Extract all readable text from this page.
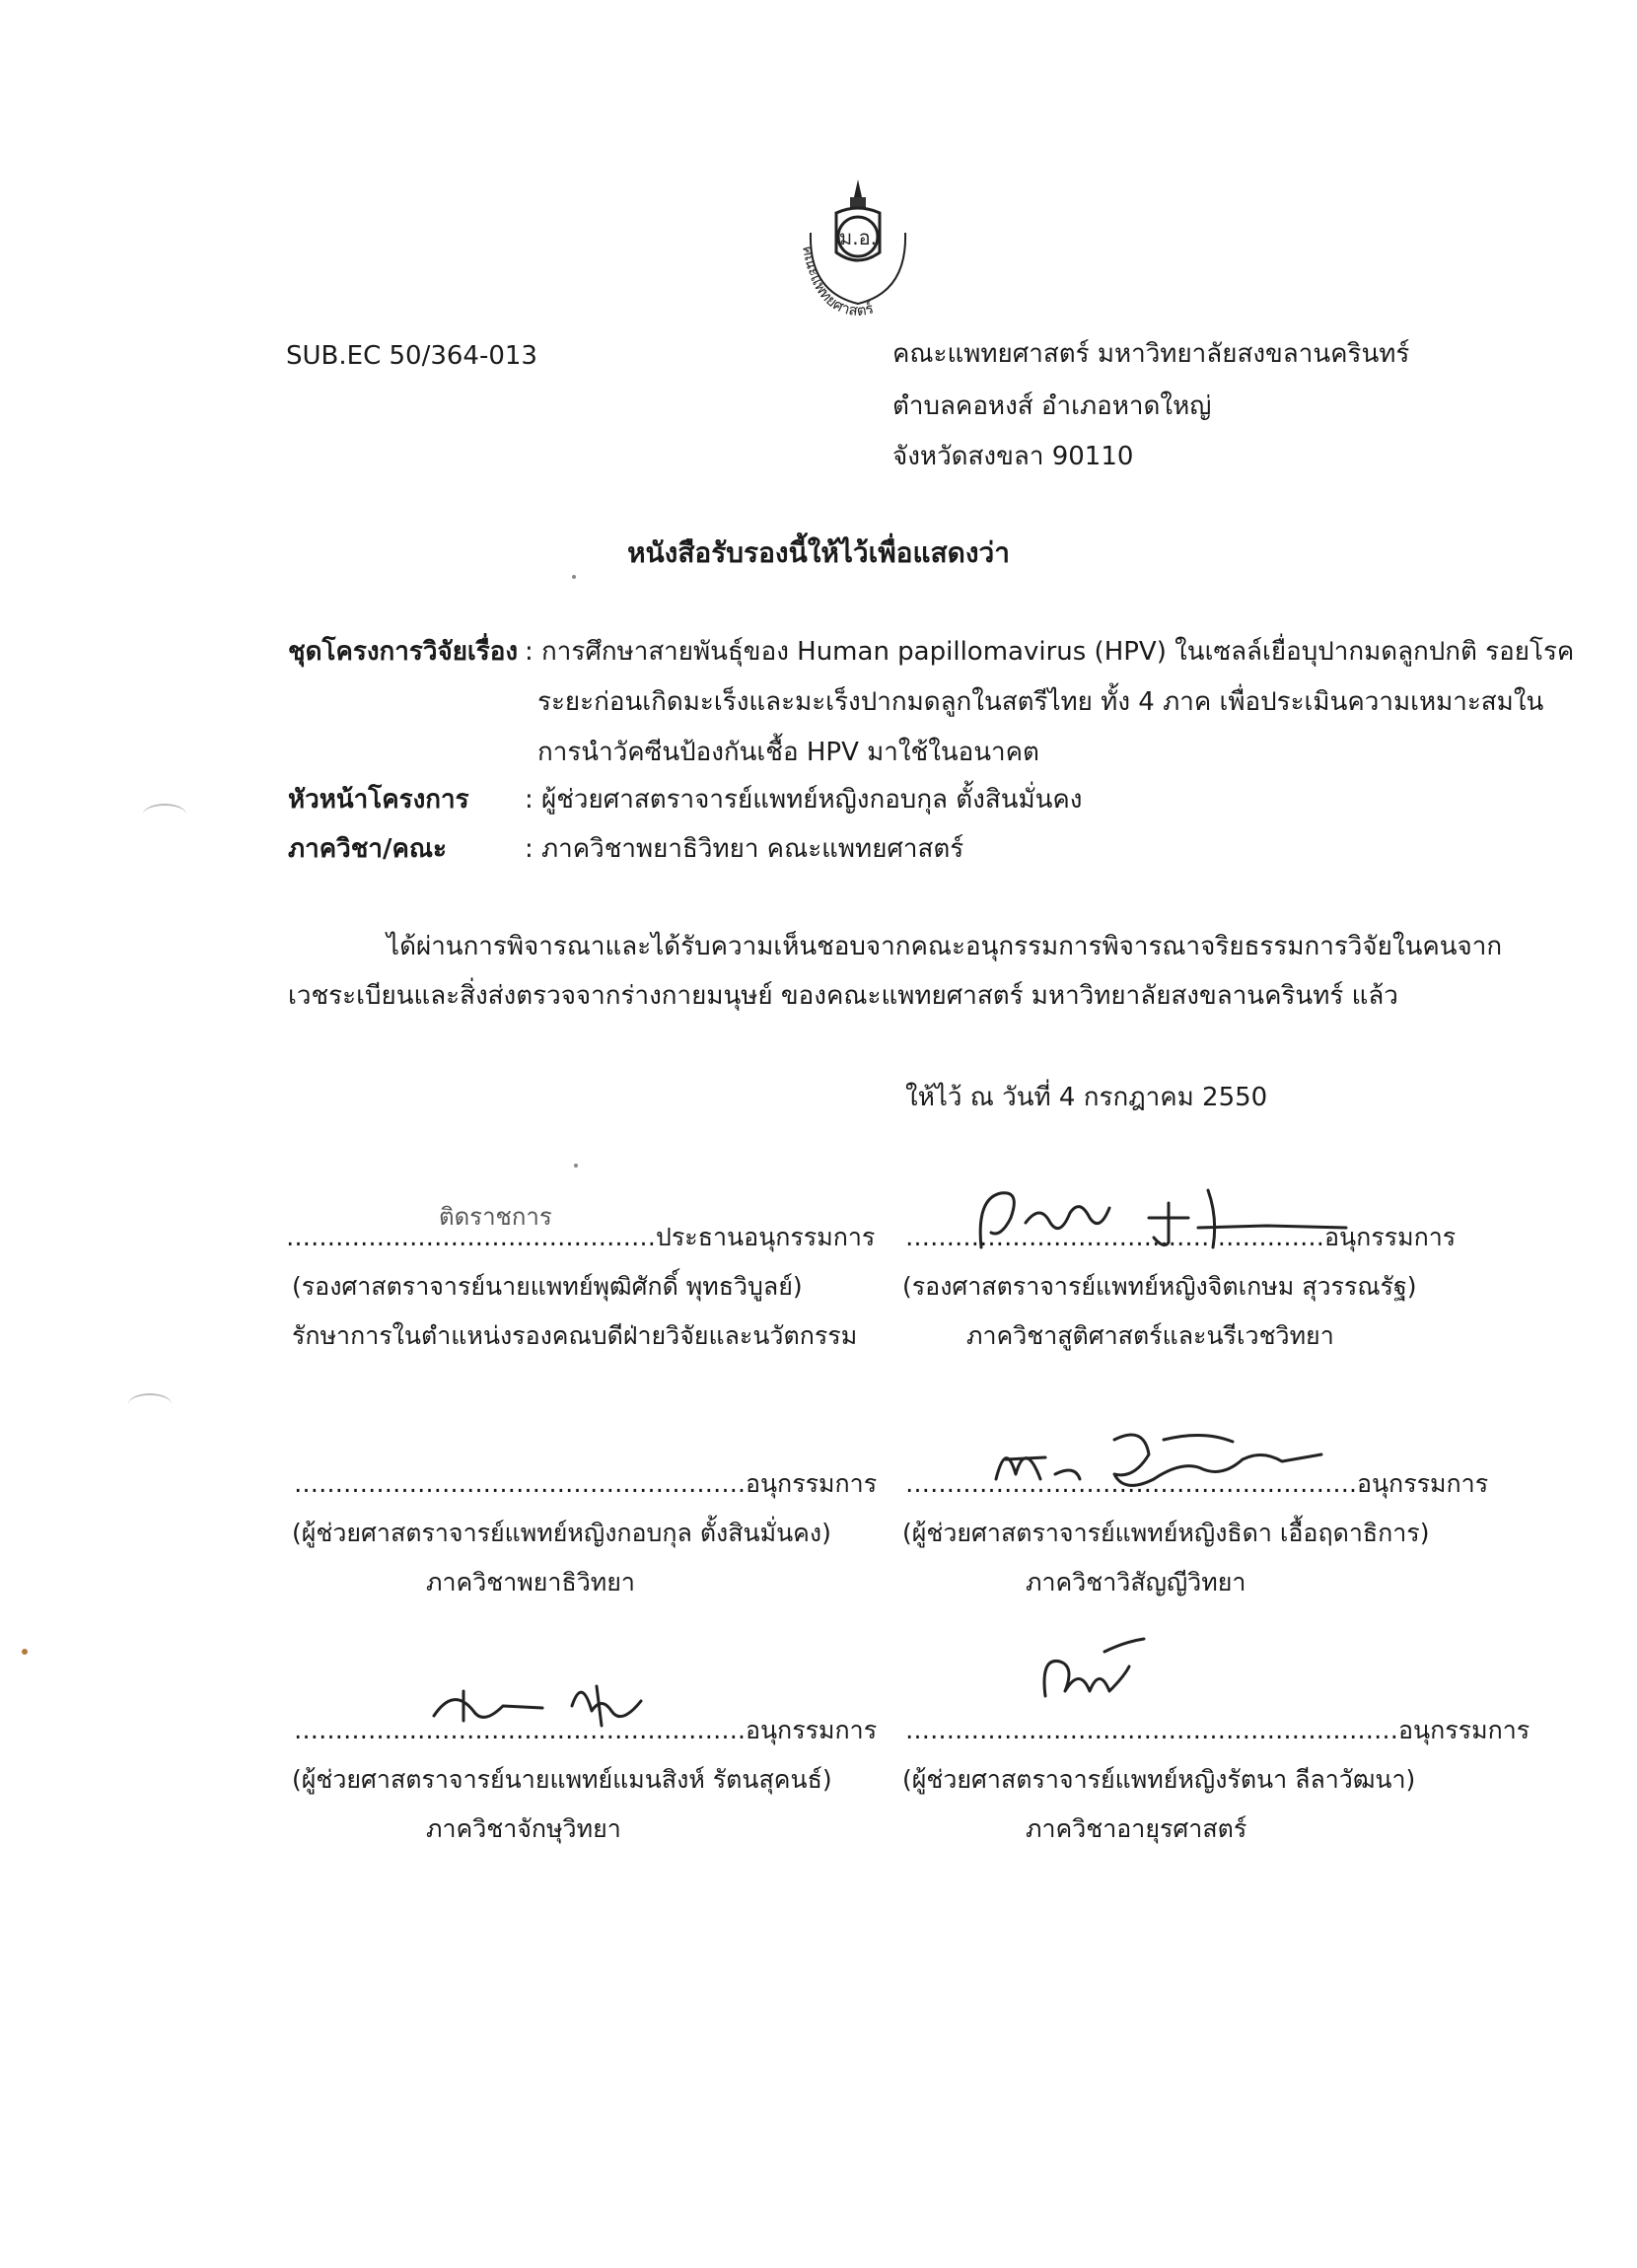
ม.อ.
คณะแพทยศาสตร์
SUB.EC 50/364-013	คณะแพทยศาสตร์ มหาวิทยาลัยสงขลานครินทร์
ตำบลคอหงส์ อำเภอหาดใหญ่
จังหวัดสงขลา 90110
หนังสือรับรองนี้ให้ไว้เพื่อแสดงว่า
ชุดโครงการวิจัยเรื่อง : การศึกษาสายพันธุ์ของ Human papillomavirus (HPV) ในเซลล์เยื่อบุปากมดลูกปกติ รอยโรค
ระยะก่อนเกิดมะเร็งและมะเร็งปากมดลูกในสตรีไทย ทั้ง 4 ภาค เพื่อประเมินความเหมาะสมใน
การนำวัคซีนป้องกันเชื้อ HPV มาใช้ในอนาคต
หัวหน้าโครงการ : ผู้ช่วยศาสตราจารย์แพทย์หญิงกอบกุล ตั้งสินมั่นคง
ภาควิชา/คณะ	: ภาควิชาพยาธิวิทยา คณะแพทยศาสตร์
ได้ผ่านการพิจารณาและได้รับความเห็นชอบจากคณะอนุกรรมการพิจารณาจริยธรรมการวิจัยในคนจาก
เวชระเบียนและสิ่งส่งตรวจจากร่างกายมนุษย์ ของคณะแพทยศาสตร์ มหาวิทยาลัยสงขลานครินทร์ แล้ว
ให้ไว้ ณ วันที่ 4 กรกฎาคม 2550
ติดราชการ
………………………………………ประธานอนุกรรมการ
(รองศาสตราจารย์นายแพทย์พุฒิศักดิ์ พุทธวิบูลย์)
รักษาการในตำแหน่งรองคณบดีฝ่ายวิจัยและนวัตกรรม
……………………………………………อนุกรรมการ
(รองศาสตราจารย์แพทย์หญิงจิตเกษม สุวรรณรัฐ)
ภาควิชาสูติศาสตร์และนรีเวชวิทยา
……………………………………………….อนุกรรมการ
(ผู้ช่วยศาสตราจารย์แพทย์หญิงกอบกุล ตั้งสินมั่นคง)
ภาควิชาพยาธิวิทยา
……………………………………………….อนุกรรมการ
(ผู้ช่วยศาสตราจารย์แพทย์หญิงธิดา เอื้อฤดาธิการ)
ภาควิชาวิสัญญีวิทยา
……………………………………………….อนุกรรมการ
(ผู้ช่วยศาสตราจารย์นายแพทย์แมนสิงห์ รัตนสุคนธ์)
ภาควิชาจักษุวิทยา
……………………………………………………อนุกรรมการ
(ผู้ช่วยศาสตราจารย์แพทย์หญิงรัตนา ลีลาวัฒนา)
ภาควิชาอายุรศาสตร์
